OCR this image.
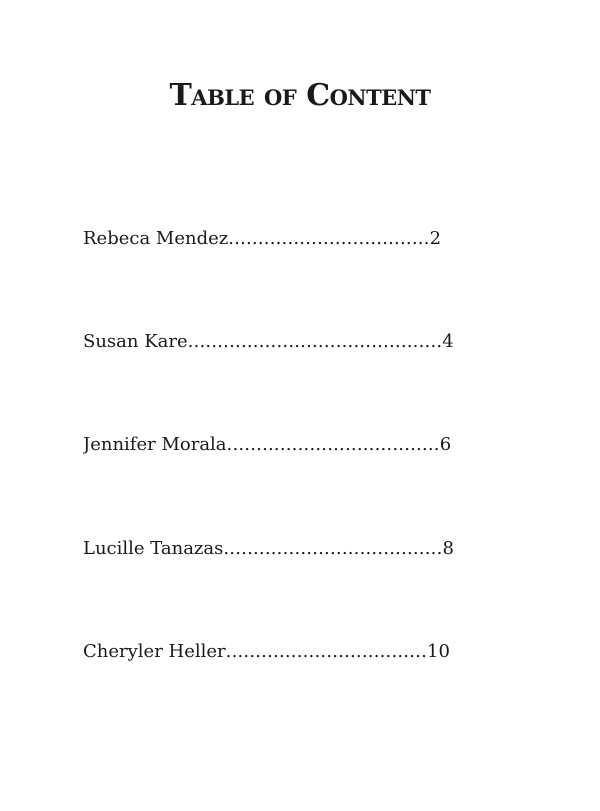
Table of Content
Rebeca Mendez..................................2
Susan Kare...........................................4
Jennifer Morala....................................6
Lucille Tanazas.....................................8
Cheryler Heller..................................10
